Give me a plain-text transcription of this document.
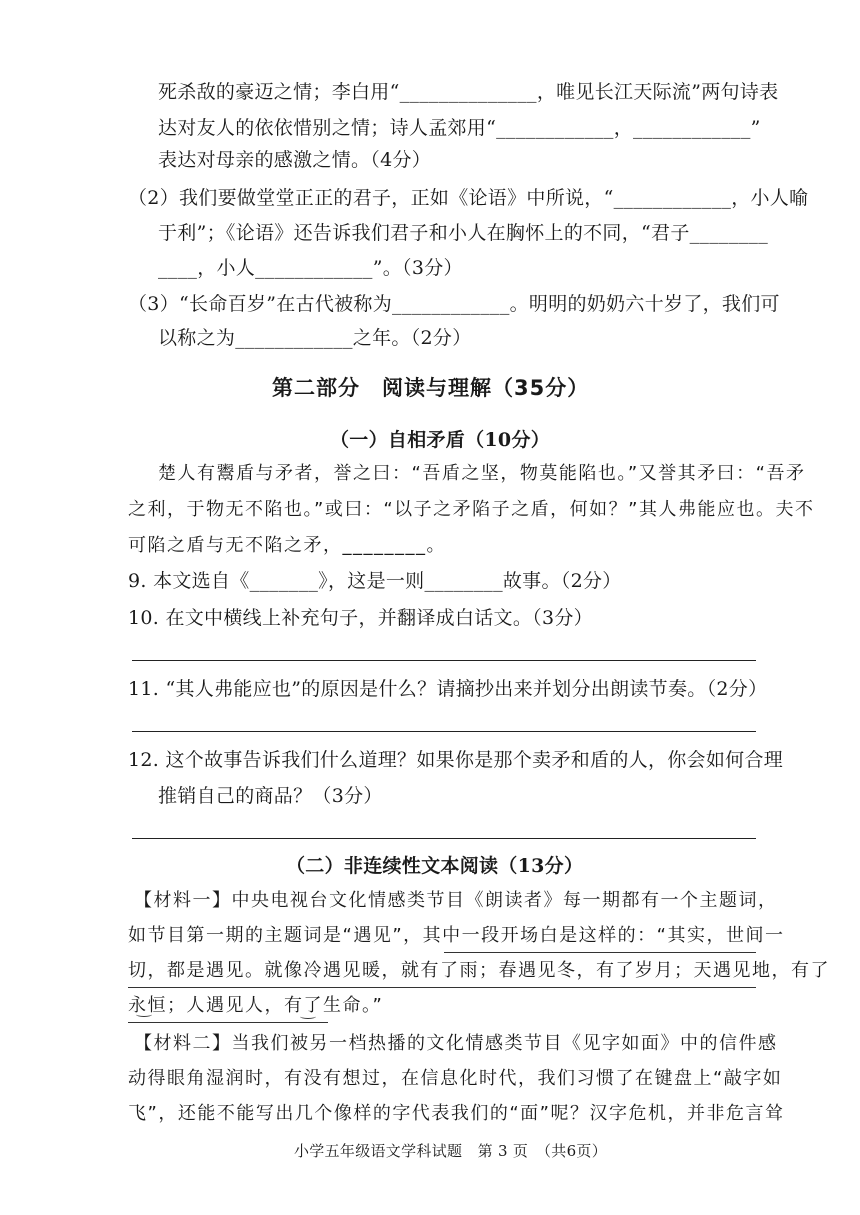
死杀敌的豪迈之情；李白用“______________，唯见长江天际流”两句诗表
达对友人的依依惜别之情；诗人孟郊用“____________，____________”
表达对母亲的感激之情。（4分）
（2）我们要做堂堂正正的君子，正如《论语》中所说，“____________，小人喻
于利”；《论语》还告诉我们君子和小人在胸怀上的不同，“君子________
____，小人____________”。（3分）
（3）“长命百岁”在古代被称为____________。明明的奶奶六十岁了，我们可
以称之为____________之年。（2分）
第二部分　阅读与理解（35分）
（一）自相矛盾（10分）
楚人有鬻盾与矛者，誉之曰：“吾盾之坚，物莫能陷也。”又誉其矛曰：“吾矛
之利，于物无不陷也。”或曰：“以子之矛陷子之盾，何如？”其人弗能应也。夫不
可陷之盾与无不陷之矛，________。
9. 本文选自《_______》，这是一则________故事。（2分）
10. 在文中横线上补充句子，并翻译成白话文。（3分）
11. “其人弗能应也”的原因是什么？请摘抄出来并划分出朗读节奏。（2分）
12. 这个故事告诉我们什么道理？如果你是那个卖矛和盾的人，你会如何合理
推销自己的商品？（3分）
（二）非连续性文本阅读（13分）
【材料一】中央电视台文化情感类节目《朗读者》每一期都有一个主题词，
如节目第一期的主题词是“遇见”，其中一段开场白是这样的：“其实，世间一
切，都是遇见。就像冷遇见暖，就有了雨；春遇见冬，有了岁月；天遇见地，有了
永恒；人遇见人，有了生命。”
【材料二】当我们被另一档热播的文化情感类节目《见字如面》中的信件感
动得眼角湿润时，有没有想过，在信息化时代，我们习惯了在键盘上“敲字如
飞”，还能不能写出几个像样的字代表我们的“面”呢？汉字危机，并非危言耸
小学五年级语文学科试题　第 3 页　（共6页）
